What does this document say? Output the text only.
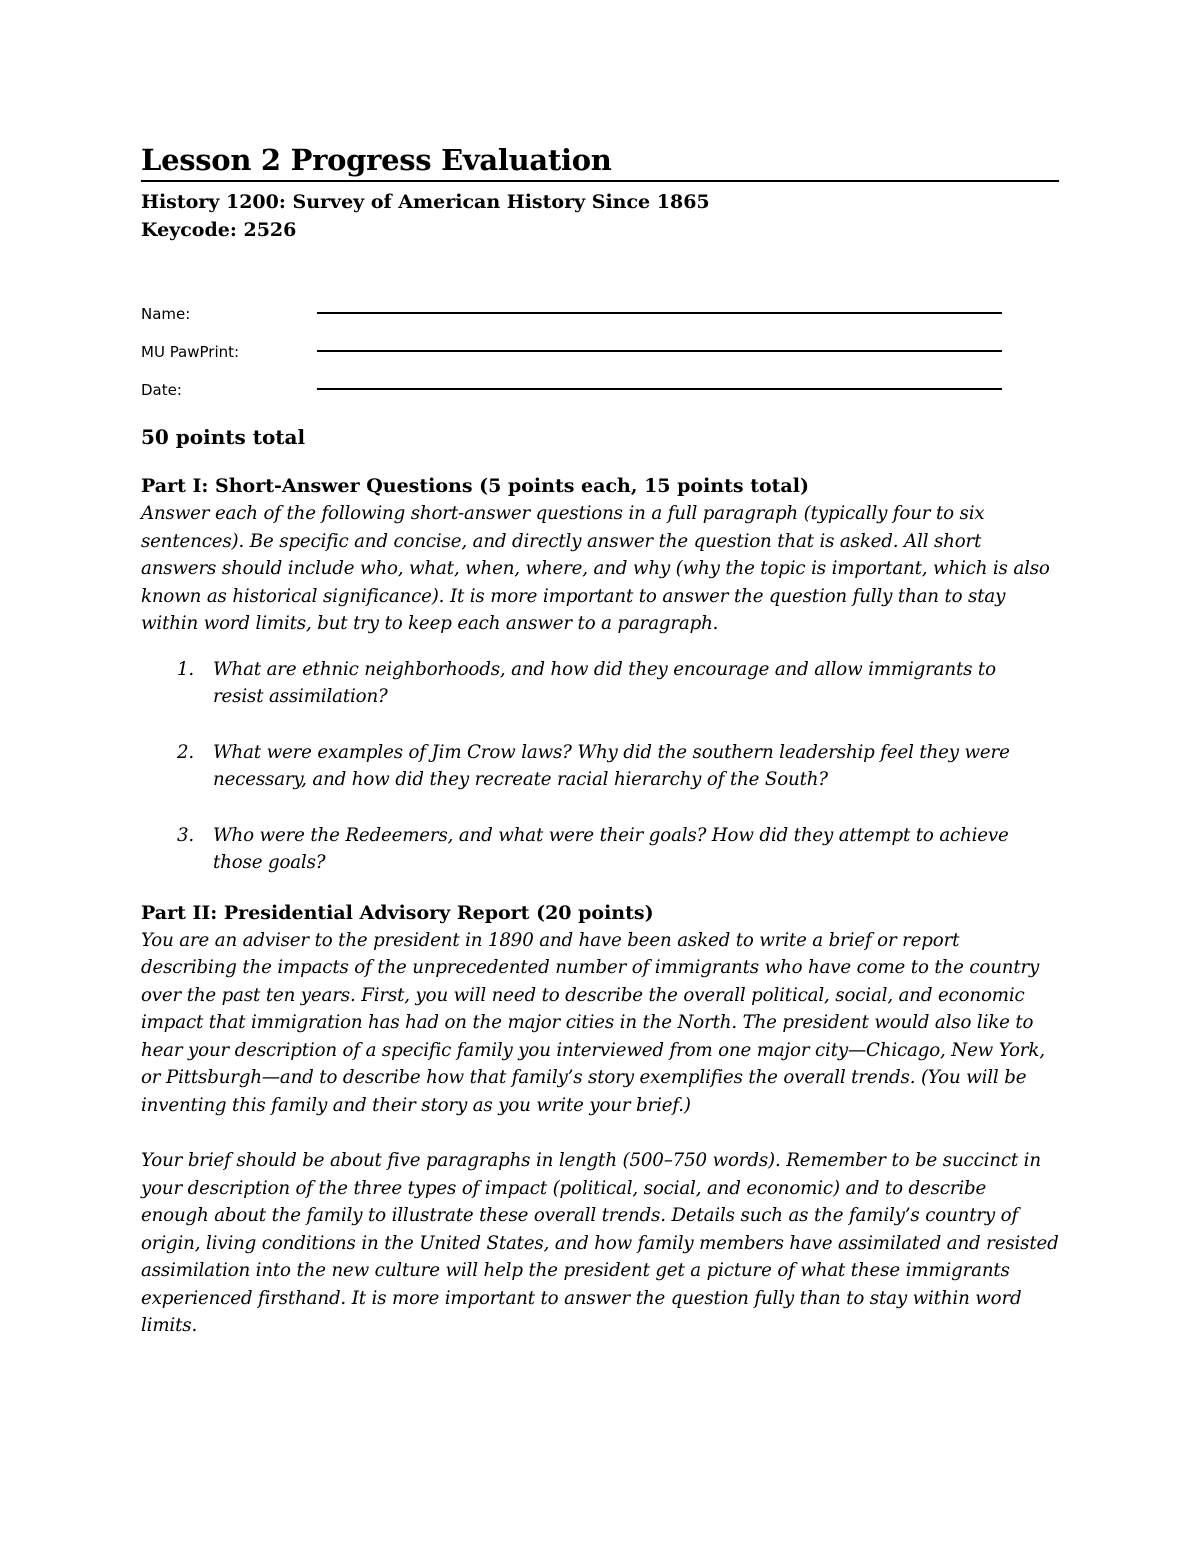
Lesson 2 Progress Evaluation
History 1200: Survey of American History Since 1865
Keycode: 2526
Name:
MU PawPrint:
Date:
50 points total
Part I: Short-Answer Questions (5 points each, 15 points total)

Answer each of the following short-answer questions in a full paragraph (typically four to six sentences). Be specific and concise, and directly answer the question that is asked. All short answers should include who, what, when, where, and why (why the topic is important, which is also known as historical significance). It is more important to answer the question fully than to stay within word limits, but try to keep each answer to a paragraph.

1.	What are ethnic neighborhoods, and how did they encourage and allow immigrants to resist assimilation?
2.	What were examples of Jim Crow laws? Why did the southern leadership feel they were necessary, and how did they recreate racial hierarchy of the South?
3.	Who were the Redeemers, and what were their goals? How did they attempt to achieve those goals?
Part II: Presidential Advisory Report (20 points)

You are an adviser to the president in 1890 and have been asked to write a brief or report describing the impacts of the unprecedented number of immigrants who have come to the country over the past ten years. First, you will need to describe the overall political, social, and economic impact that immigration has had on the major cities in the North. The president would also like to hear your description of a specific family you interviewed from one major city—Chicago, New York, or Pittsburgh—and to describe how that family’s story exemplifies the overall trends. (You will be inventing this family and their story as you write your brief.)

Your brief should be about five paragraphs in length (500–750 words). Remember to be succinct in your description of the three types of impact (political, social, and economic) and to describe enough about the family to illustrate these overall trends. Details such as the family’s country of origin, living conditions in the United States, and how family members have assimilated and resisted assimilation into the new culture will help the president get a picture of what these immigrants experienced firsthand. It is more important to answer the question fully than to stay within word limits.
